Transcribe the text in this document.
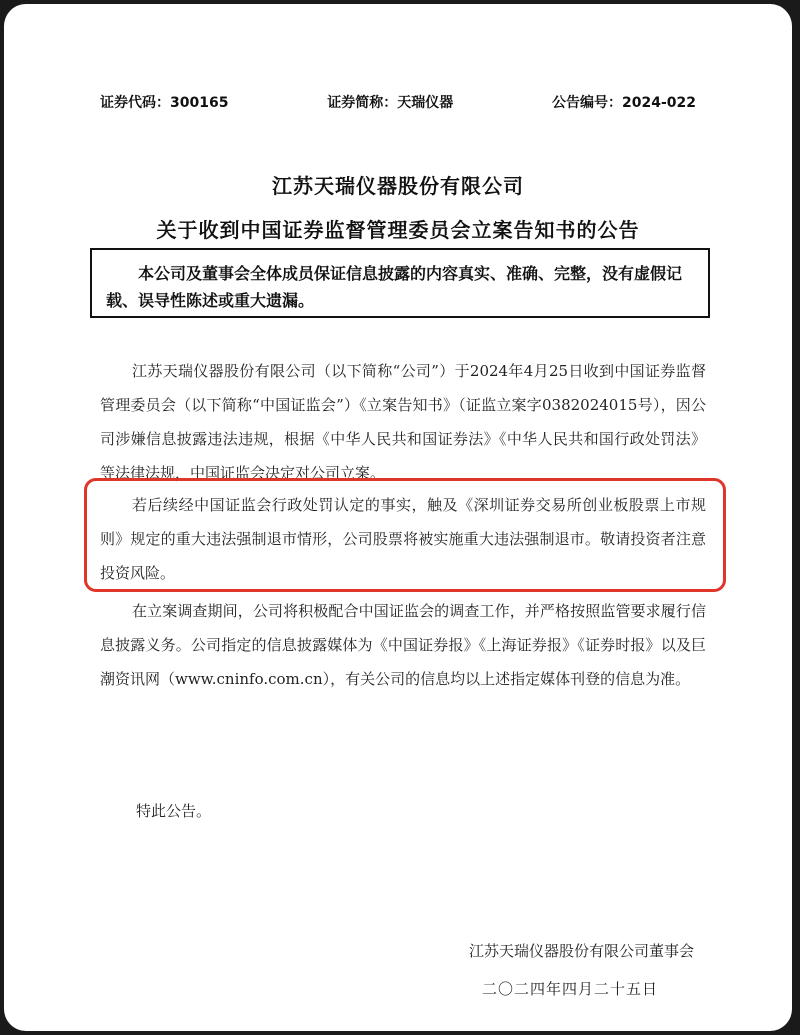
证券代码：300165	证券简称：天瑞仪器	公告编号：2024-022
江苏天瑞仪器股份有限公司
关于收到中国证券监督管理委员会立案告知书的公告
本公司及董事会全体成员保证信息披露的内容真实、准确、完整，没有虚假记载、误导性陈述或重大遗漏。
江苏天瑞仪器股份有限公司（以下简称“公司”）于2024年4月25日收到中国证券监督管理委员会（以下简称“中国证监会”）《立案告知书》（证监立案字0382024015号），因公司涉嫌信息披露违法违规，根据《中华人民共和国证券法》《中华人民共和国行政处罚法》等法律法规，中国证监会决定对公司立案。
若后续经中国证监会行政处罚认定的事实，触及《深圳证券交易所创业板股票上市规则》规定的重大违法强制退市情形，公司股票将被实施重大违法强制退市。敬请投资者注意投资风险。
在立案调查期间，公司将积极配合中国证监会的调查工作，并严格按照监管要求履行信息披露义务。公司指定的信息披露媒体为《中国证券报》《上海证券报》《证券时报》以及巨潮资讯网（www.cninfo.com.cn），有关公司的信息均以上述指定媒体刊登的信息为准。
特此公告。
江苏天瑞仪器股份有限公司董事会
二〇二四年四月二十五日
